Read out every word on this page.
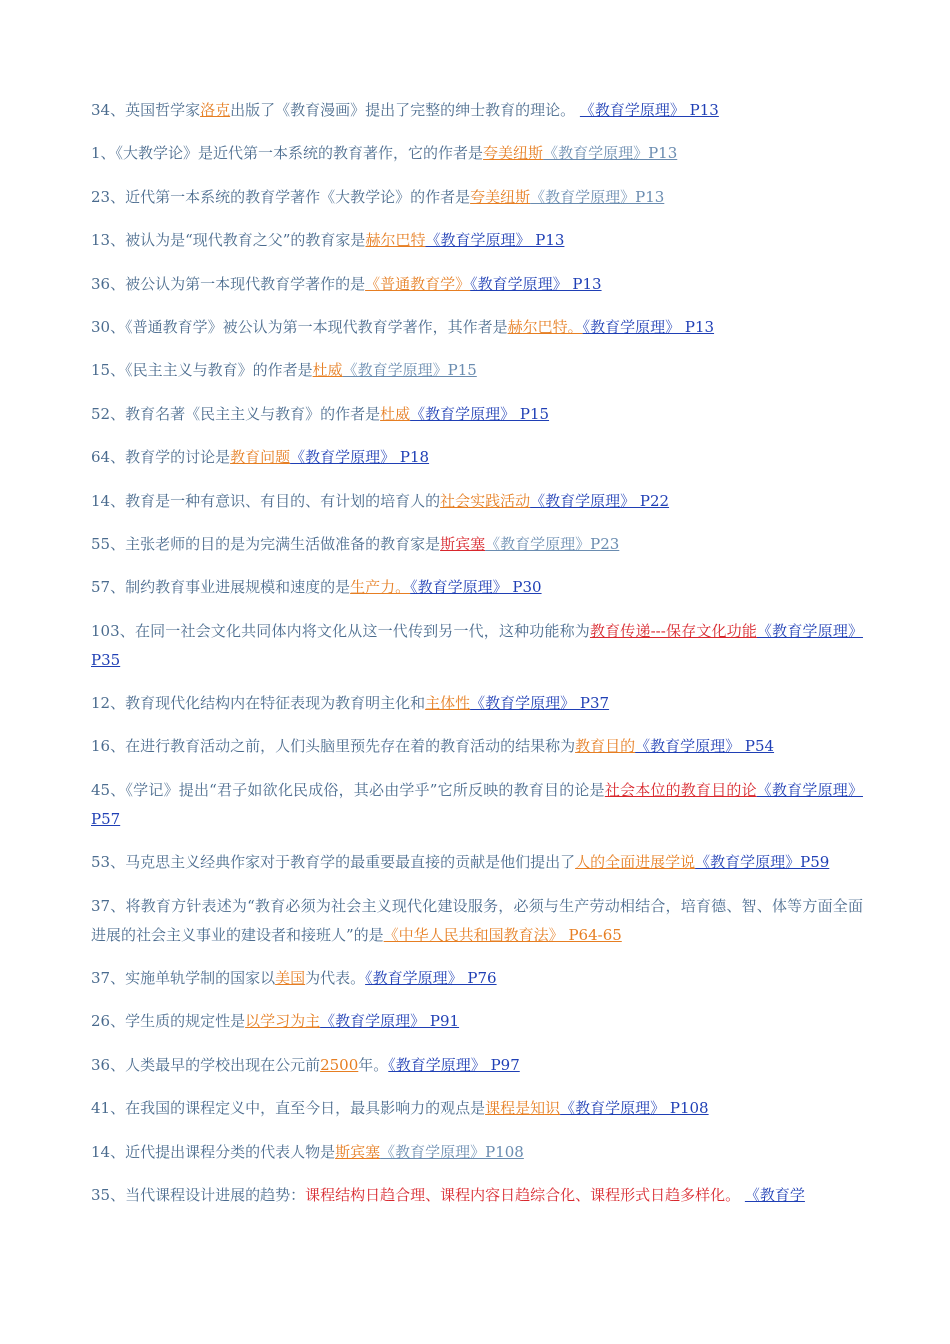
34、英国哲学家洛克出版了《教育漫画》提出了完整的绅士教育的理论。 《教育学原理》 P13

1、《大教学论》是近代第一本系统的教育著作，它的作者是夸美纽斯《教育学原理》P13

23、近代第一本系统的教育学著作《大教学论》的作者是夸美纽斯《教育学原理》P13

13、被认为是“现代教育之父”的教育家是赫尔巴特《教育学原理》 P13

36、被公认为第一本现代教育学著作的是《普通教育学》《教育学原理》 P13

30、《普通教育学》被公认为第一本现代教育学著作，其作者是赫尔巴特。《教育学原理》 P13

15、《民主主义与教育》的作者是杜威《教育学原理》P15

52、教育名著《民主主义与教育》的作者是杜威《教育学原理》 P15

64、教育学的讨论是教育问题《教育学原理》 P18

14、教育是一种有意识、有目的、有计划的培育人的社会实践活动《教育学原理》 P22

55、主张老师的目的是为完满生活做准备的教育家是斯宾塞《教育学原理》P23

57、制约教育事业进展规模和速度的是生产力。《教育学原理》 P30

103、在同一社会文化共同体内将文化从这一代传到另一代，这种功能称为教育传递---保存文化功能《教育学原理》 P35

12、教育现代化结构内在特征表现为教育明主化和主体性《教育学原理》 P37

16、在进行教育活动之前，人们头脑里预先存在着的教育活动的结果称为教育目的《教育学原理》 P54

45、《学记》提出“君子如欲化民成俗，其必由学乎”它所反映的教育目的论是社会本位的教育目的论《教育学原理》 P57

53、马克思主义经典作家对于教育学的最重要最直接的贡献是他们提出了人的全面进展学说《教育学原理》P59

37、将教育方针表述为“教育必须为社会主义现代化建设服务，必须与生产劳动相结合，培育德、智、体等方面全面进展的社会主义事业的建设者和接班人”的是《中华人民共和国教育法》 P64-65

37、实施单轨学制的国家以美国为代表。《教育学原理》 P76

26、学生质的规定性是以学习为主《教育学原理》 P91

36、人类最早的学校出现在公元前2500年。《教育学原理》 P97

41、在我国的课程定义中，直至今日，最具影响力的观点是课程是知识《教育学原理》 P108

14、近代提出课程分类的代表人物是斯宾塞《教育学原理》P108

35、当代课程设计进展的趋势：课程结构日趋合理、课程内容日趋综合化、课程形式日趋多样化。 《教育学
